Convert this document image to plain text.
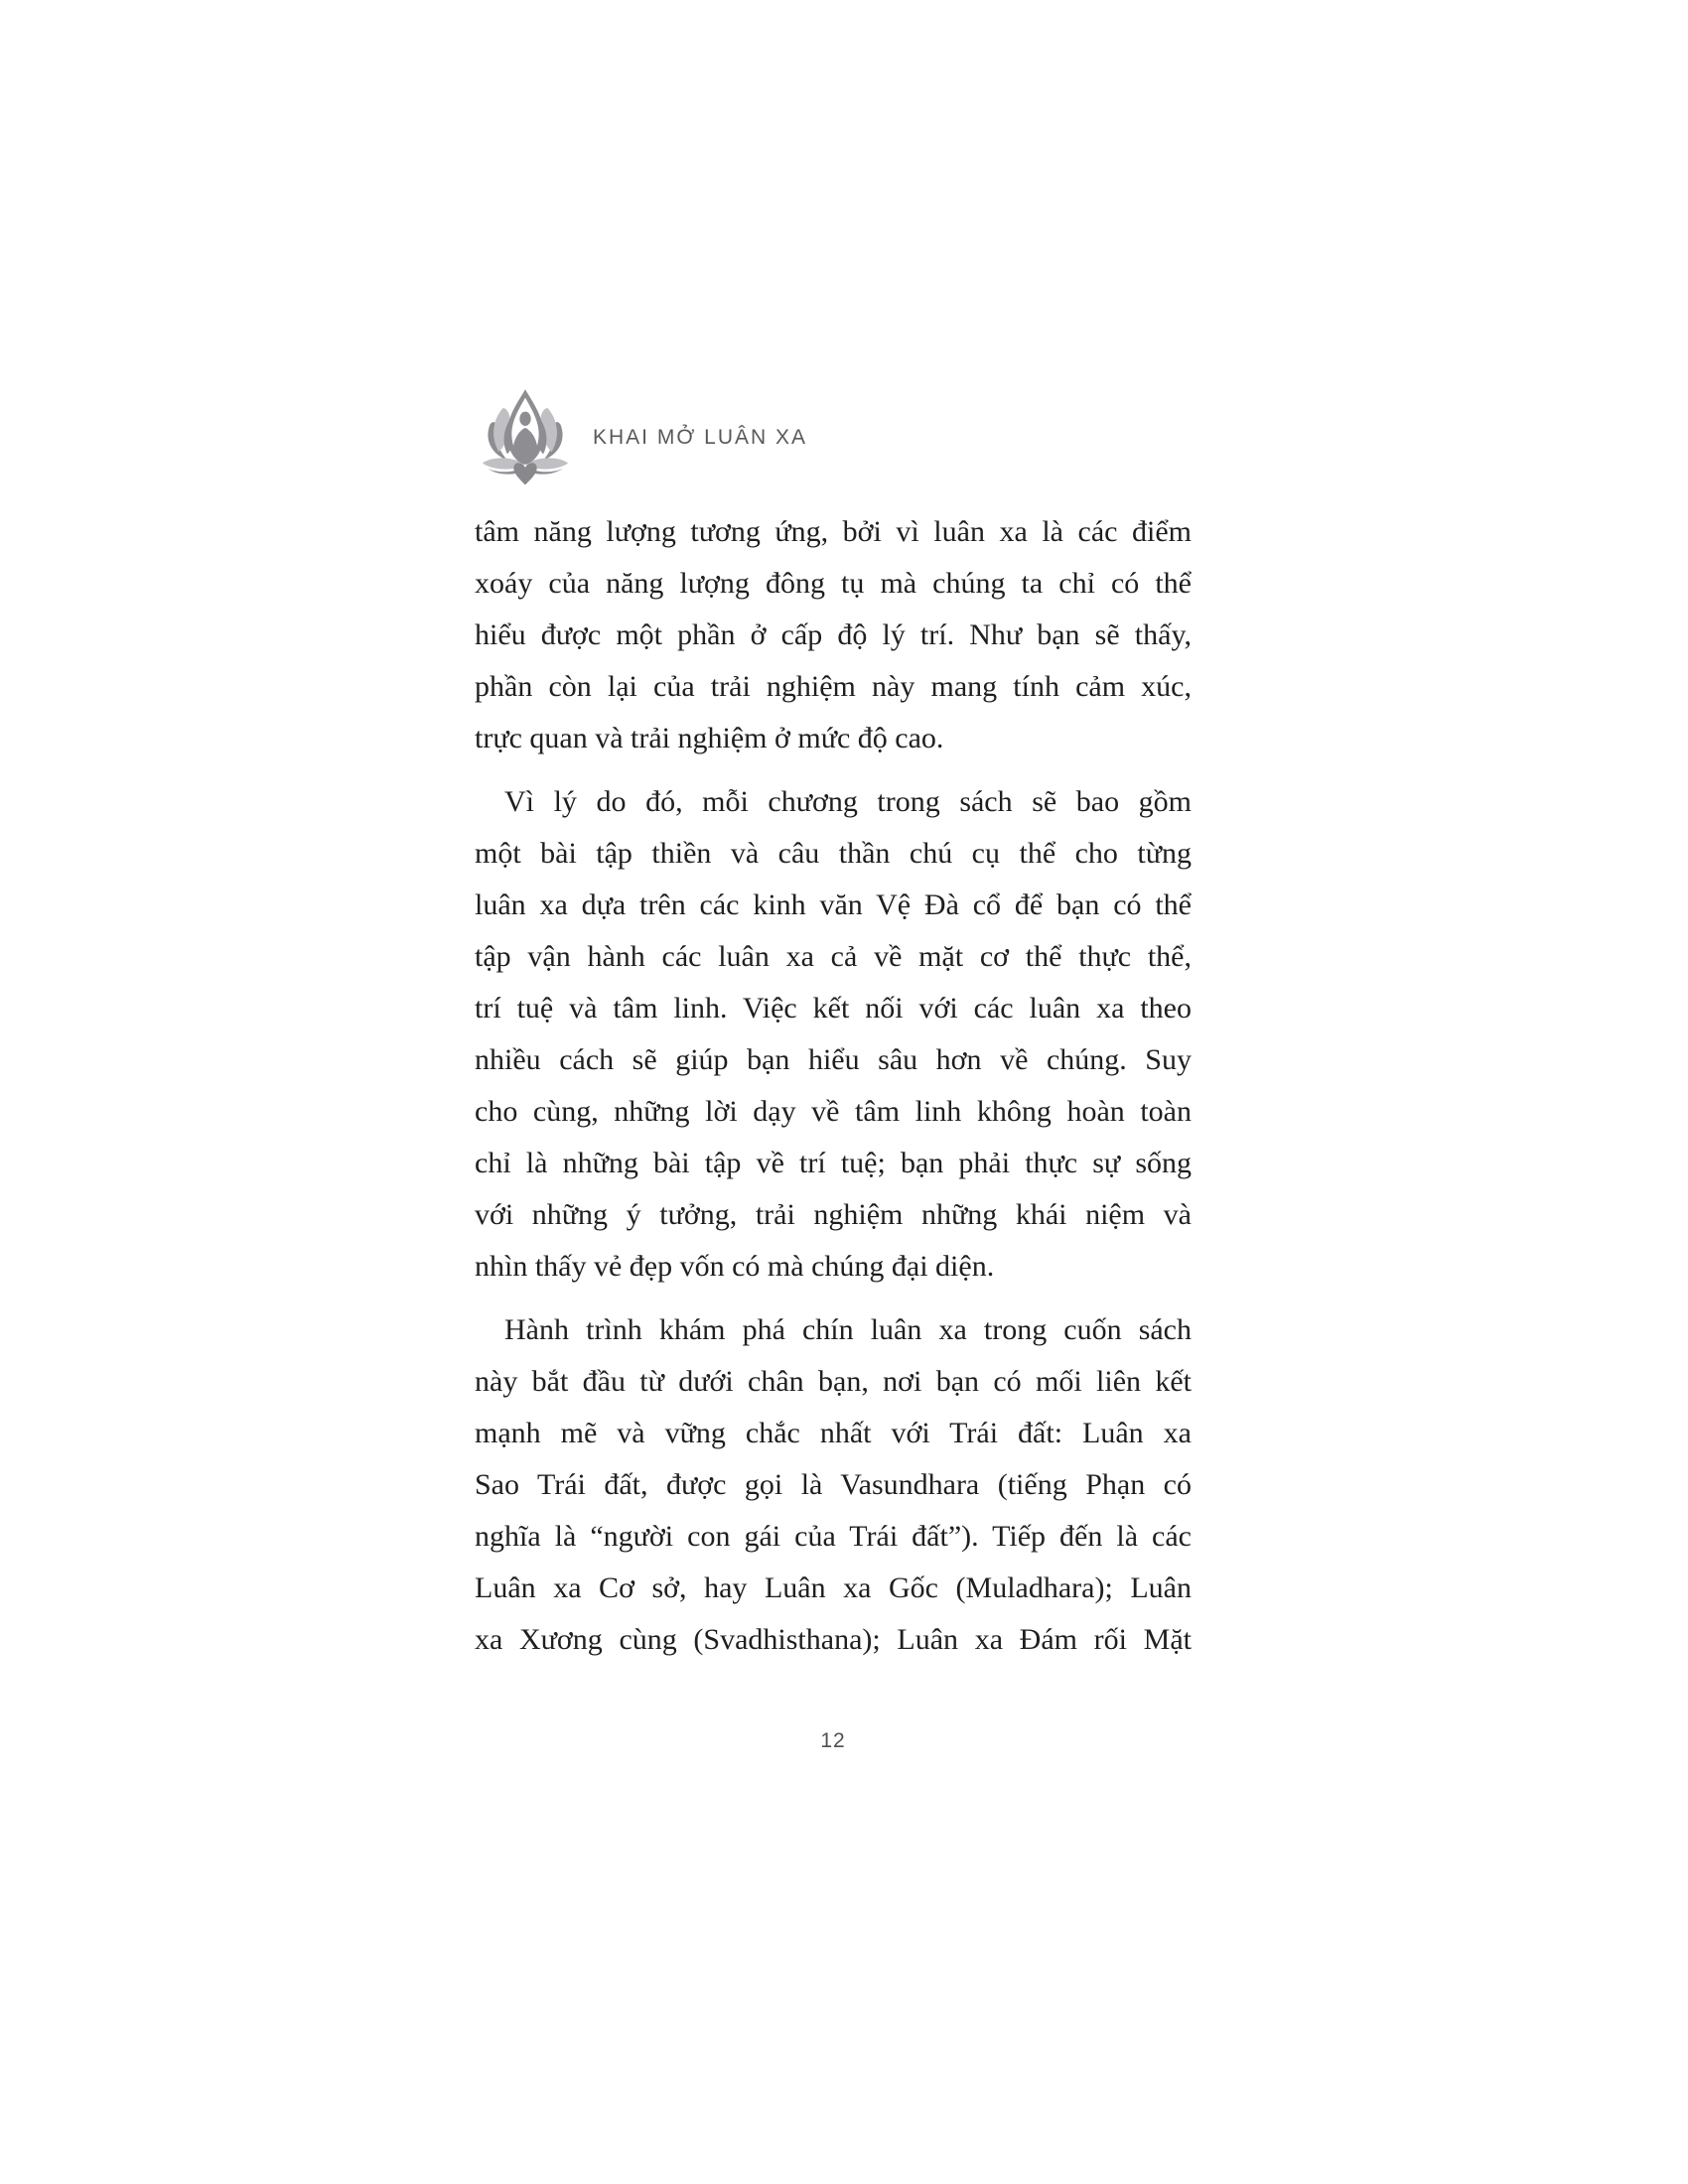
KHAI MỞ LUÂN XA
tâm năng lượng tương ứng, bởi vì luân xa là các điểm
xoáy của năng lượng đông tụ mà chúng ta chỉ có thể
hiểu được một phần ở cấp độ lý trí. Như bạn sẽ thấy,
phần còn lại của trải nghiệm này mang tính cảm xúc,
trực quan và trải nghiệm ở mức độ cao.
Vì lý do đó, mỗi chương trong sách sẽ bao gồm
một bài tập thiền và câu thần chú cụ thể cho từng
luân xa dựa trên các kinh văn Vệ Đà cổ để bạn có thể
tập vận hành các luân xa cả về mặt cơ thể thực thể,
trí tuệ và tâm linh. Việc kết nối với các luân xa theo
nhiều cách sẽ giúp bạn hiểu sâu hơn về chúng. Suy
cho cùng, những lời dạy về tâm linh không hoàn toàn
chỉ là những bài tập về trí tuệ; bạn phải thực sự sống
với những ý tưởng, trải nghiệm những khái niệm và
nhìn thấy vẻ đẹp vốn có mà chúng đại diện.
Hành trình khám phá chín luân xa trong cuốn sách
này bắt đầu từ dưới chân bạn, nơi bạn có mối liên kết
mạnh mẽ và vững chắc nhất với Trái đất: Luân xa
Sao Trái đất, được gọi là Vasundhara (tiếng Phạn có
nghĩa là “người con gái của Trái đất”). Tiếp đến là các
Luân xa Cơ sở, hay Luân xa Gốc (Muladhara); Luân
xa Xương cùng (Svadhisthana); Luân xa Đám rối Mặt
12
